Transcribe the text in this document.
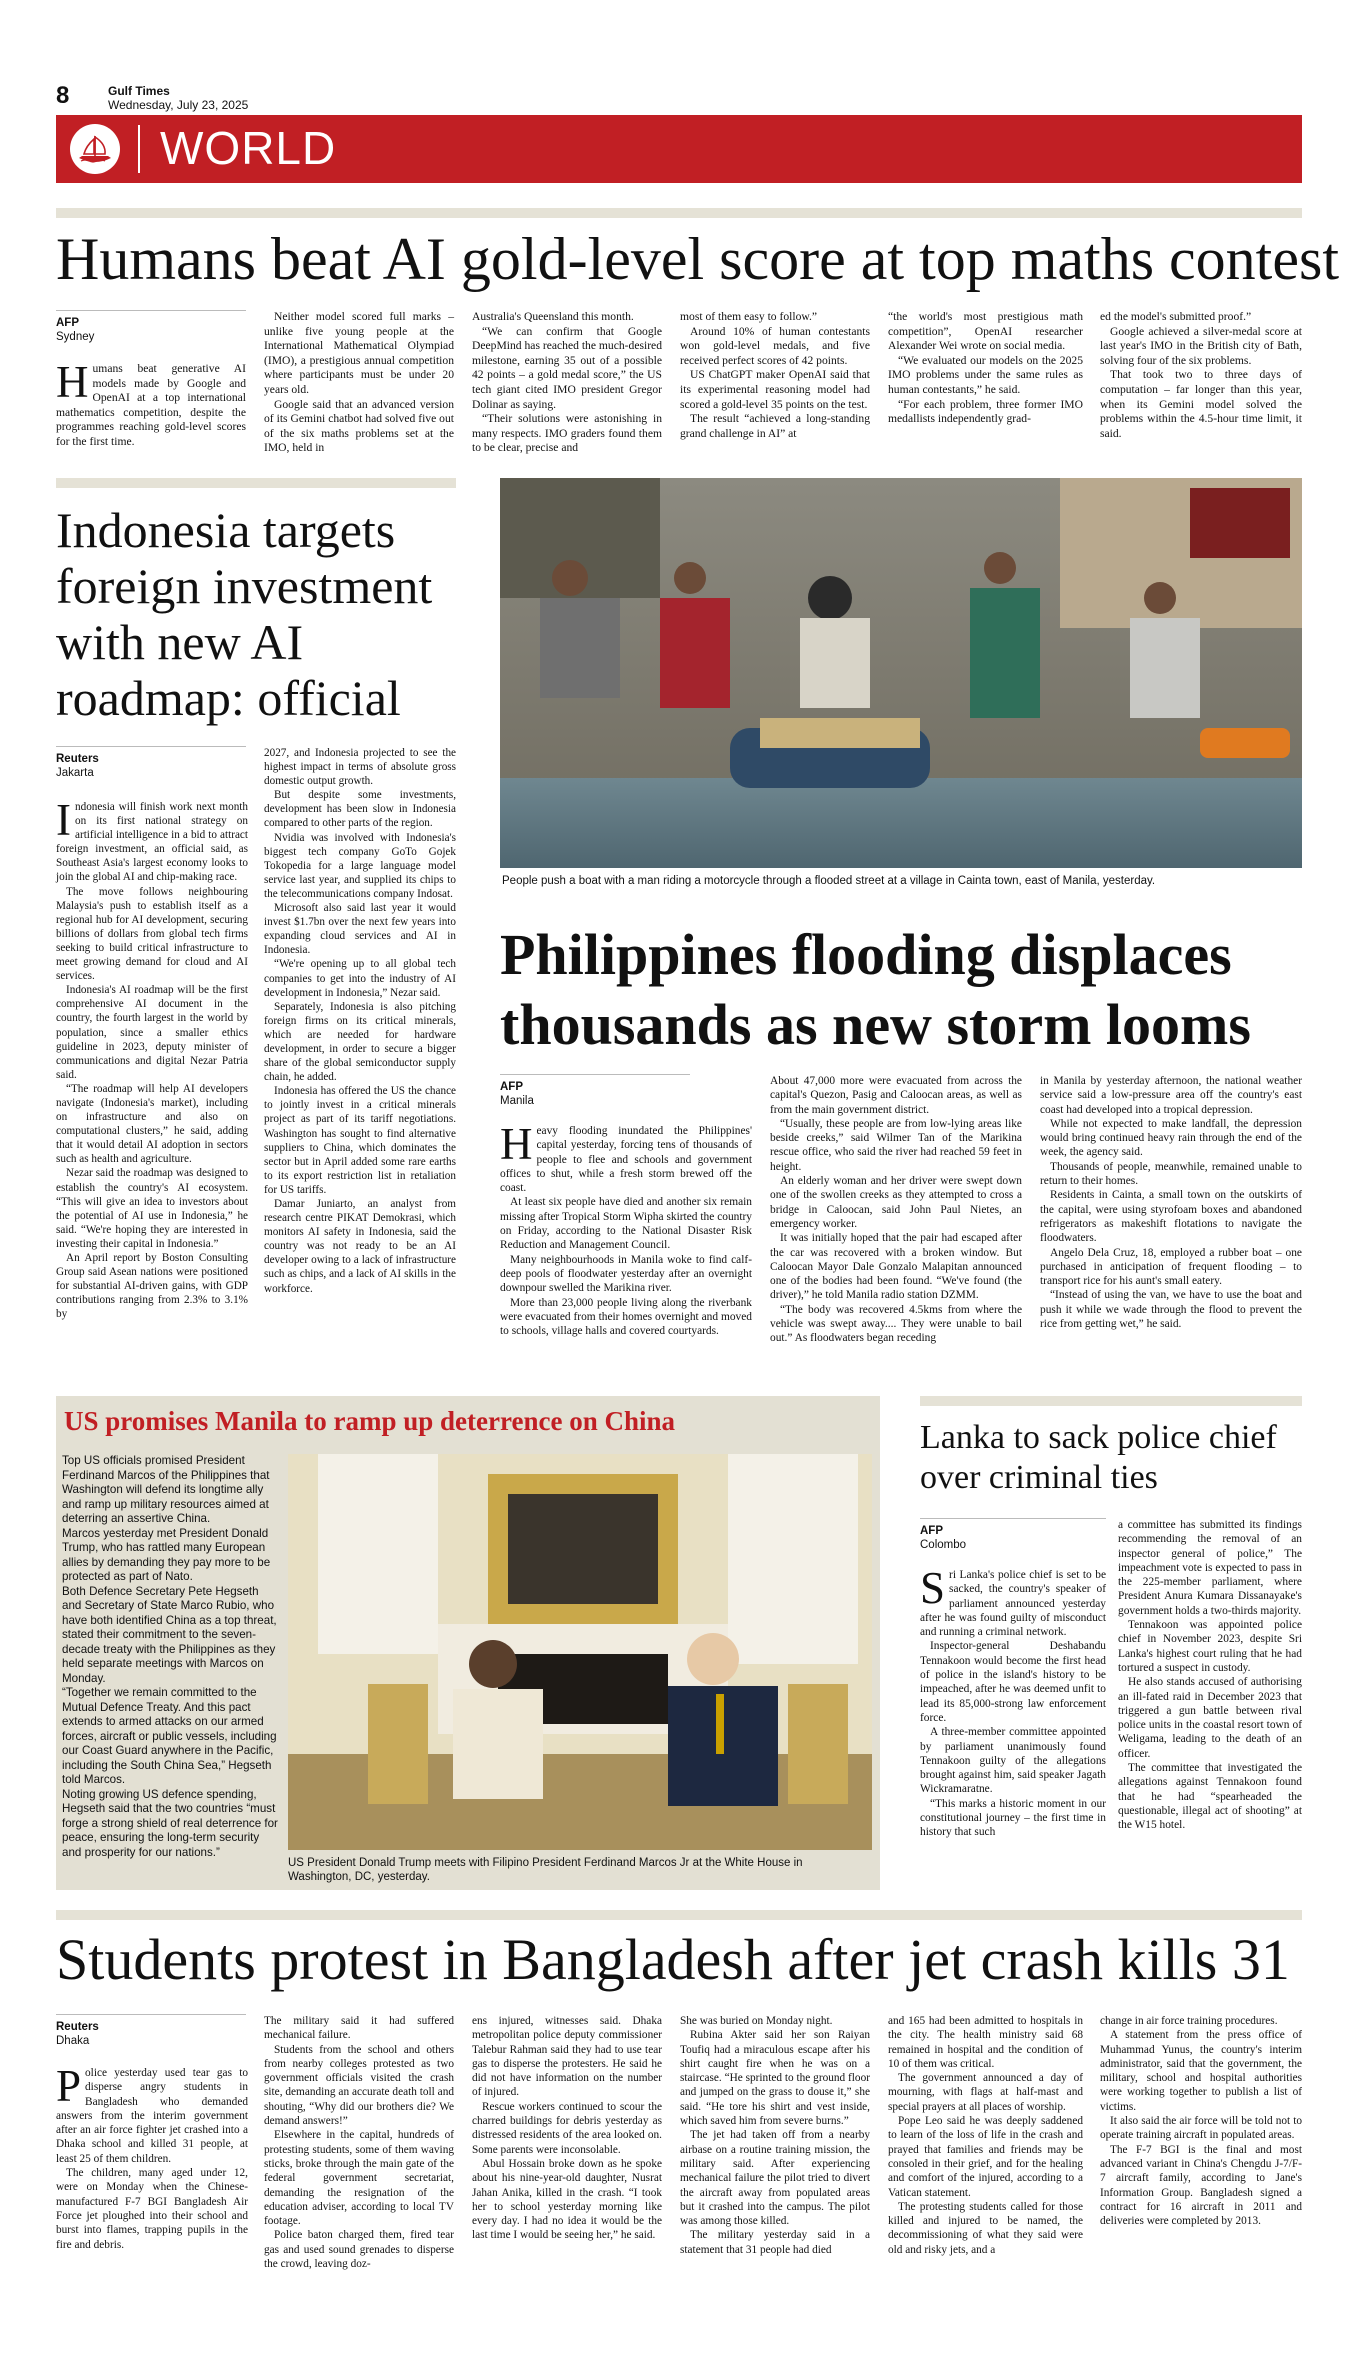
8	Gulf Times
Wednesday, July 23, 2025
WORLD
Humans beat AI gold-level score at top maths contest
AFP
Sydney
H umans beat generative AI models made by Google and OpenAI at a top international mathematics competition, despite the programmes reaching gold-level scores for the first time.

Neither model scored full marks – unlike five young people at the International Mathematical Olympiad (IMO), a prestigious annual competition where participants must be under 20 years old.

Google said that an advanced version of its Gemini chatbot had solved five out of the six maths problems set at the IMO, held in

Australia's Queensland this month.

“We can confirm that Google DeepMind has reached the much-desired milestone, earning 35 out of a possible 42 points – a gold medal score,” the US tech giant cited IMO president Gregor Dolinar as saying.

“Their solutions were astonishing in many respects. IMO graders found them to be clear, precise and

most of them easy to follow.”

Around 10% of human contestants won gold-level medals, and five received perfect scores of 42 points.

US ChatGPT maker OpenAI said that its experimental reasoning model had scored a gold-level 35 points on the test.

The result “achieved a long-standing grand challenge in AI” at

“the world's most prestigious math competition”, OpenAI researcher Alexander Wei wrote on social media.

“We evaluated our models on the 2025 IMO problems under the same rules as human contestants,” he said.

“For each problem, three former IMO medallists independently grad-

ed the model's submitted proof.”

Google achieved a silver-medal score at last year's IMO in the British city of Bath, solving four of the six problems.

That took two to three days of computation – far longer than this year, when its Gemini model solved the problems within the 4.5-hour time limit, it said.

Indonesia targets foreign investment with new AI roadmap: official
Reuters
Jakarta
I ndonesia will finish work next month on its first national strategy on artificial intelligence in a bid to attract foreign investment, an official said, as Southeast Asia's largest economy looks to join the global AI and chip-making race.

The move follows neighbouring Malaysia's push to establish itself as a regional hub for AI development, securing billions of dollars from global tech firms seeking to build critical infrastructure to meet growing demand for cloud and AI services.

Indonesia's AI roadmap will be the first comprehensive AI document in the country, the fourth largest in the world by population, since a smaller ethics guideline in 2023, deputy minister of communications and digital Nezar Patria said.

“The roadmap will help AI developers navigate (Indonesia's market), including on infrastructure and also on computational clusters,” he said, adding that it would detail AI adoption in sectors such as health and agriculture.

Nezar said the roadmap was designed to establish the country's AI ecosystem. “This will give an idea to investors about the potential of AI use in Indonesia,” he said. “We're hoping they are interested in investing their capital in Indonesia.”

An April report by Boston Consulting Group said Asean nations were positioned for substantial AI-driven gains, with GDP contributions ranging from 2.3% to 3.1% by

2027, and Indonesia projected to see the highest impact in terms of absolute gross domestic output growth.

But despite some investments, development has been slow in Indonesia compared to other parts of the region.

Nvidia was involved with Indonesia's biggest tech company GoTo Gojek Tokopedia for a large language model service last year, and supplied its chips to the telecommunications company Indosat.

Microsoft also said last year it would invest $1.7bn over the next few years into expanding cloud services and AI in Indonesia.

“We're opening up to all global tech companies to get into the industry of AI development in Indonesia,” Nezar said.

Separately, Indonesia is also pitching foreign firms on its critical minerals, which are needed for hardware development, in order to secure a bigger share of the global semiconductor supply chain, he added.

Indonesia has offered the US the chance to jointly invest in a critical minerals project as part of its tariff negotiations. Washington has sought to find alternative suppliers to China, which dominates the sector but in April added some rare earths to its export restriction list in retaliation for US tariffs.

Damar Juniarto, an analyst from research centre PIKAT Demokrasi, which monitors AI safety in Indonesia, said the country was not ready to be an AI developer owing to a lack of infrastructure such as chips, and a lack of AI skills in the workforce.

People push a boat with a man riding a motorcycle through a flooded street at a village in Cainta town, east of Manila, yesterday.
Philippines flooding displaces thousands as new storm looms
AFP
Manila
H eavy flooding inundated the Philippines' capital yesterday, forcing tens of thousands of people to flee and schools and government offices to shut, while a fresh storm brewed off the coast.

At least six people have died and another six remain missing after Tropical Storm Wipha skirted the country on Friday, according to the National Disaster Risk Reduction and Management Council.

Many neighbourhoods in Manila woke to find calf-deep pools of floodwater yesterday after an overnight downpour swelled the Marikina river.

More than 23,000 people living along the riverbank were evacuated from their homes overnight and moved to schools, village halls and covered courtyards.

About 47,000 more were evacuated from across the capital's Quezon, Pasig and Caloocan areas, as well as from the main government district.

“Usually, these people are from low-lying areas like beside creeks,” said Wilmer Tan of the Marikina rescue office, who said the river had reached 59 feet in height.

An elderly woman and her driver were swept down one of the swollen creeks as they attempted to cross a bridge in Caloocan, said John Paul Nietes, an emergency worker.

It was initially hoped that the pair had escaped after the car was recovered with a broken window. But Caloocan Mayor Dale Gonzalo Malapitan announced one of the bodies had been found. “We've found (the driver),” he told Manila radio station DZMM.

“The body was recovered 4.5kms from where the vehicle was swept away.... They were unable to bail out.” As floodwaters began receding

in Manila by yesterday afternoon, the national weather service said a low-pressure area off the country's east coast had developed into a tropical depression.

While not expected to make landfall, the depression would bring continued heavy rain through the end of the week, the agency said.

Thousands of people, meanwhile, remained unable to return to their homes.

Residents in Cainta, a small town on the outskirts of the capital, were using styrofoam boxes and abandoned refrigerators as makeshift flotations to navigate the floodwaters.

Angelo Dela Cruz, 18, employed a rubber boat – one purchased in anticipation of frequent flooding – to transport rice for his aunt's small eatery.

“Instead of using the van, we have to use the boat and push it while we wade through the flood to prevent the rice from getting wet,” he said.

US promises Manila to ramp up deterrence on China

Top US officials promised President Ferdinand Marcos of the Philippines that Washington will defend its longtime ally and ramp up military resources aimed at deterring an assertive China.

Marcos yesterday met President Donald Trump, who has rattled many European allies by demanding they pay more to be protected as part of Nato.

Both Defence Secretary Pete Hegseth and Secretary of State Marco Rubio, who have both identified China as a top threat, stated their commitment to the seven-decade treaty with the Philippines as they held separate meetings with Marcos on Monday.

“Together we remain committed to the Mutual Defence Treaty. And this pact extends to armed attacks on our armed forces, aircraft or public vessels, including our Coast Guard anywhere in the Pacific, including the South China Sea,” Hegseth told Marcos.

Noting growing US defence spending, Hegseth said that the two countries “must forge a strong shield of real deterrence for peace, ensuring the long-term security and prosperity for our nations.”

US President Donald Trump meets with Filipino President Ferdinand Marcos Jr at the White House in Washington, DC, yesterday.
Lanka to sack police chief over criminal ties
AFP
Colombo
S ri Lanka's police chief is set to be sacked, the country's speaker of parliament announced yesterday after he was found guilty of misconduct and running a criminal network.

Inspector-general Deshabandu Tennakoon would become the first head of police in the island's history to be impeached, after he was deemed unfit to lead its 85,000-strong law enforcement force.

A three-member committee appointed by parliament unanimously found Tennakoon guilty of the allegations brought against him, said speaker Jagath Wickramaratne.

“This marks a historic moment in our constitutional journey – the first time in history that such

a committee has submitted its findings recommending the removal of an inspector general of police,” The impeachment vote is expected to pass in the 225-member parliament, where President Anura Kumara Dissanayake's government holds a two-thirds majority.

Tennakoon was appointed police chief in November 2023, despite Sri Lanka's highest court ruling that he had tortured a suspect in custody.

He also stands accused of authorising an ill-fated raid in December 2023 that triggered a gun battle between rival police units in the coastal resort town of Weligama, leading to the death of an officer.

The committee that investigated the allegations against Tennakoon found that he had “spearheaded the questionable, illegal act of shooting” at the W15 hotel.

Students protest in Bangladesh after jet crash kills 31
Reuters
Dhaka
P olice yesterday used tear gas to disperse angry students in Bangladesh who demanded answers from the interim government after an air force fighter jet crashed into a Dhaka school and killed 31 people, at least 25 of them children.

The children, many aged under 12, were on Monday when the Chinese-manufactured F-7 BGI Bangladesh Air Force jet ploughed into their school and burst into flames, trapping pupils in the fire and debris.

The military said it had suffered mechanical failure.

Students from the school and others from nearby colleges protested as two government officials visited the crash site, demanding an accurate death toll and shouting, “Why did our brothers die? We demand answers!”

Elsewhere in the capital, hundreds of protesting students, some of them waving sticks, broke through the main gate of the federal government secretariat, demanding the resignation of the education adviser, according to local TV footage.

Police baton charged them, fired tear gas and used sound grenades to disperse the crowd, leaving doz-

ens injured, witnesses said. Dhaka metropolitan police deputy commissioner Talebur Rahman said they had to use tear gas to disperse the protesters. He said he did not have information on the number of injured.

Rescue workers continued to scour the charred buildings for debris yesterday as distressed residents of the area looked on. Some parents were inconsolable.

Abul Hossain broke down as he spoke about his nine-year-old daughter, Nusrat Jahan Anika, killed in the crash. “I took her to school yesterday morning like every day. I had no idea it would be the last time I would be seeing her,” he said.

She was buried on Monday night.

Rubina Akter said her son Raiyan Toufiq had a miraculous escape after his shirt caught fire when he was on a staircase. “He sprinted to the ground floor and jumped on the grass to douse it,” she said. “He tore his shirt and vest inside, which saved him from severe burns.”

The jet had taken off from a nearby airbase on a routine training mission, the military said. After experiencing mechanical failure the pilot tried to divert the aircraft away from populated areas but it crashed into the campus. The pilot was among those killed.

The military yesterday said in a statement that 31 people had died

and 165 had been admitted to hospitals in the city. The health ministry said 68 remained in hospital and the condition of 10 of them was critical.

The government announced a day of mourning, with flags at half-mast and special prayers at all places of worship.

Pope Leo said he was deeply saddened to learn of the loss of life in the crash and prayed that families and friends may be consoled in their grief, and for the healing and comfort of the injured, according to a Vatican statement.

The protesting students called for those killed and injured to be named, the decommissioning of what they said were old and risky jets, and a

change in air force training procedures.

A statement from the press office of Muhammad Yunus, the country's interim administrator, said that the government, the military, school and hospital authorities were working together to publish a list of victims.

It also said the air force will be told not to operate training aircraft in populated areas.

The F-7 BGI is the final and most advanced variant in China's Chengdu J-7/F-7 aircraft family, according to Jane's Information Group. Bangladesh signed a contract for 16 aircraft in 2011 and deliveries were completed by 2013.
